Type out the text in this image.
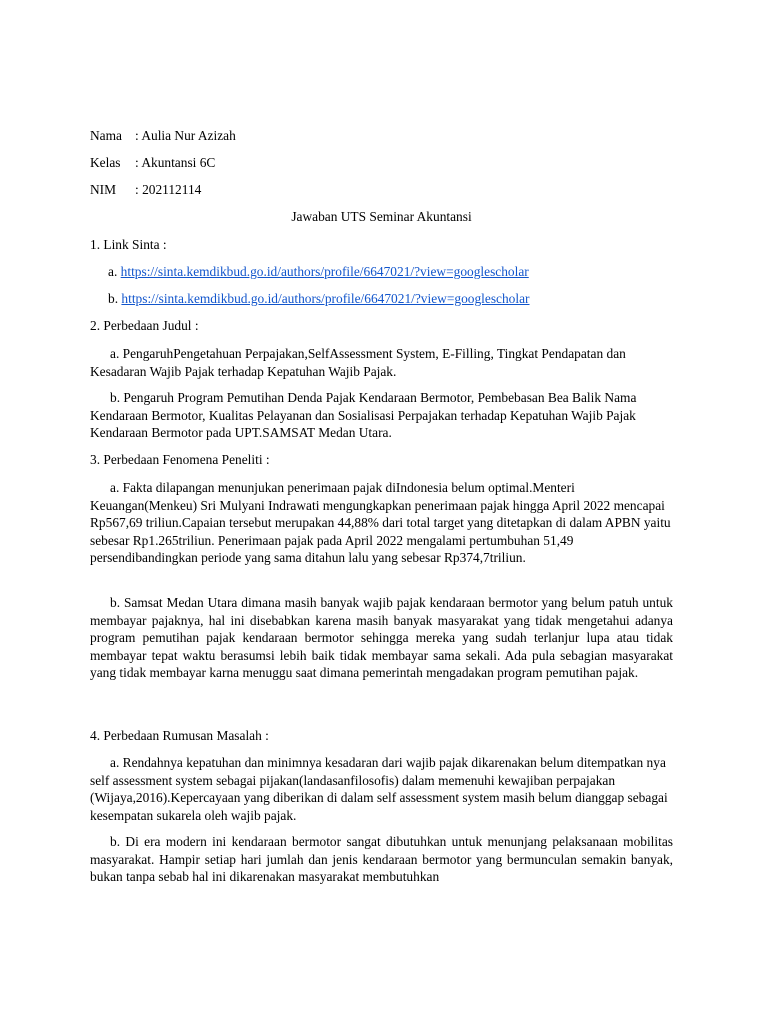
Nama : Aulia Nur Azizah

Kelas : Akuntansi 6C

NIM : 202112114

Jawaban UTS Seminar Akuntansi

1. Link Sinta :

a. https://sinta.kemdikbud.go.id/authors/profile/6647021/?view=googlescholar

b. https://sinta.kemdikbud.go.id/authors/profile/6647021/?view=googlescholar

2. Perbedaan Judul :

a. PengaruhPengetahuan Perpajakan,SelfAssessment System, E-Filling, Tingkat Pendapatan dan Kesadaran Wajib Pajak terhadap Kepatuhan Wajib Pajak.

b. Pengaruh Program Pemutihan Denda Pajak Kendaraan Bermotor, Pembebasan Bea Balik Nama Kendaraan Bermotor, Kualitas Pelayanan dan Sosialisasi Perpajakan terhadap Kepatuhan Wajib Pajak Kendaraan Bermotor pada UPT.SAMSAT Medan Utara.

3. Perbedaan Fenomena Peneliti :

a. Fakta dilapangan menunjukan penerimaan pajak diIndonesia belum optimal.Menteri Keuangan(Menkeu) Sri Mulyani Indrawati mengungkapkan penerimaan pajak hingga April 2022 mencapai Rp567,69 triliun.Capaian tersebut merupakan 44,88% dari total target yang ditetapkan di dalam APBN yaitu sebesar Rp1.265triliun. Penerimaan pajak pada April 2022 mengalami pertumbuhan 51,49 persendibandingkan periode yang sama ditahun lalu yang sebesar Rp374,7triliun.

b. Samsat Medan Utara dimana masih banyak wajib pajak kendaraan bermotor yang belum patuh untuk membayar pajaknya, hal ini disebabkan karena masih banyak masyarakat yang tidak mengetahui adanya program pemutihan pajak kendaraan bermotor sehingga mereka yang sudah terlanjur lupa atau tidak membayar tepat waktu berasumsi lebih baik tidak membayar sama sekali. Ada pula sebagian masyarakat yang tidak membayar karna menuggu saat dimana pemerintah mengadakan program pemutihan pajak.

4. Perbedaan Rumusan Masalah :

a. Rendahnya kepatuhan dan minimnya kesadaran dari wajib pajak dikarenakan belum ditempatkan nya self assessment system sebagai pijakan(landasanfilosofis) dalam memenuhi kewajiban perpajakan (Wijaya,2016).Kepercayaan yang diberikan di dalam self assessment system masih belum dianggap sebagai kesempatan sukarela oleh wajib pajak.

b. Di era modern ini kendaraan bermotor sangat dibutuhkan untuk menunjang pelaksanaan mobilitas masyarakat. Hampir setiap hari jumlah dan jenis kendaraan bermotor yang bermunculan semakin banyak, bukan tanpa sebab hal ini dikarenakan masyarakat membutuhkan
